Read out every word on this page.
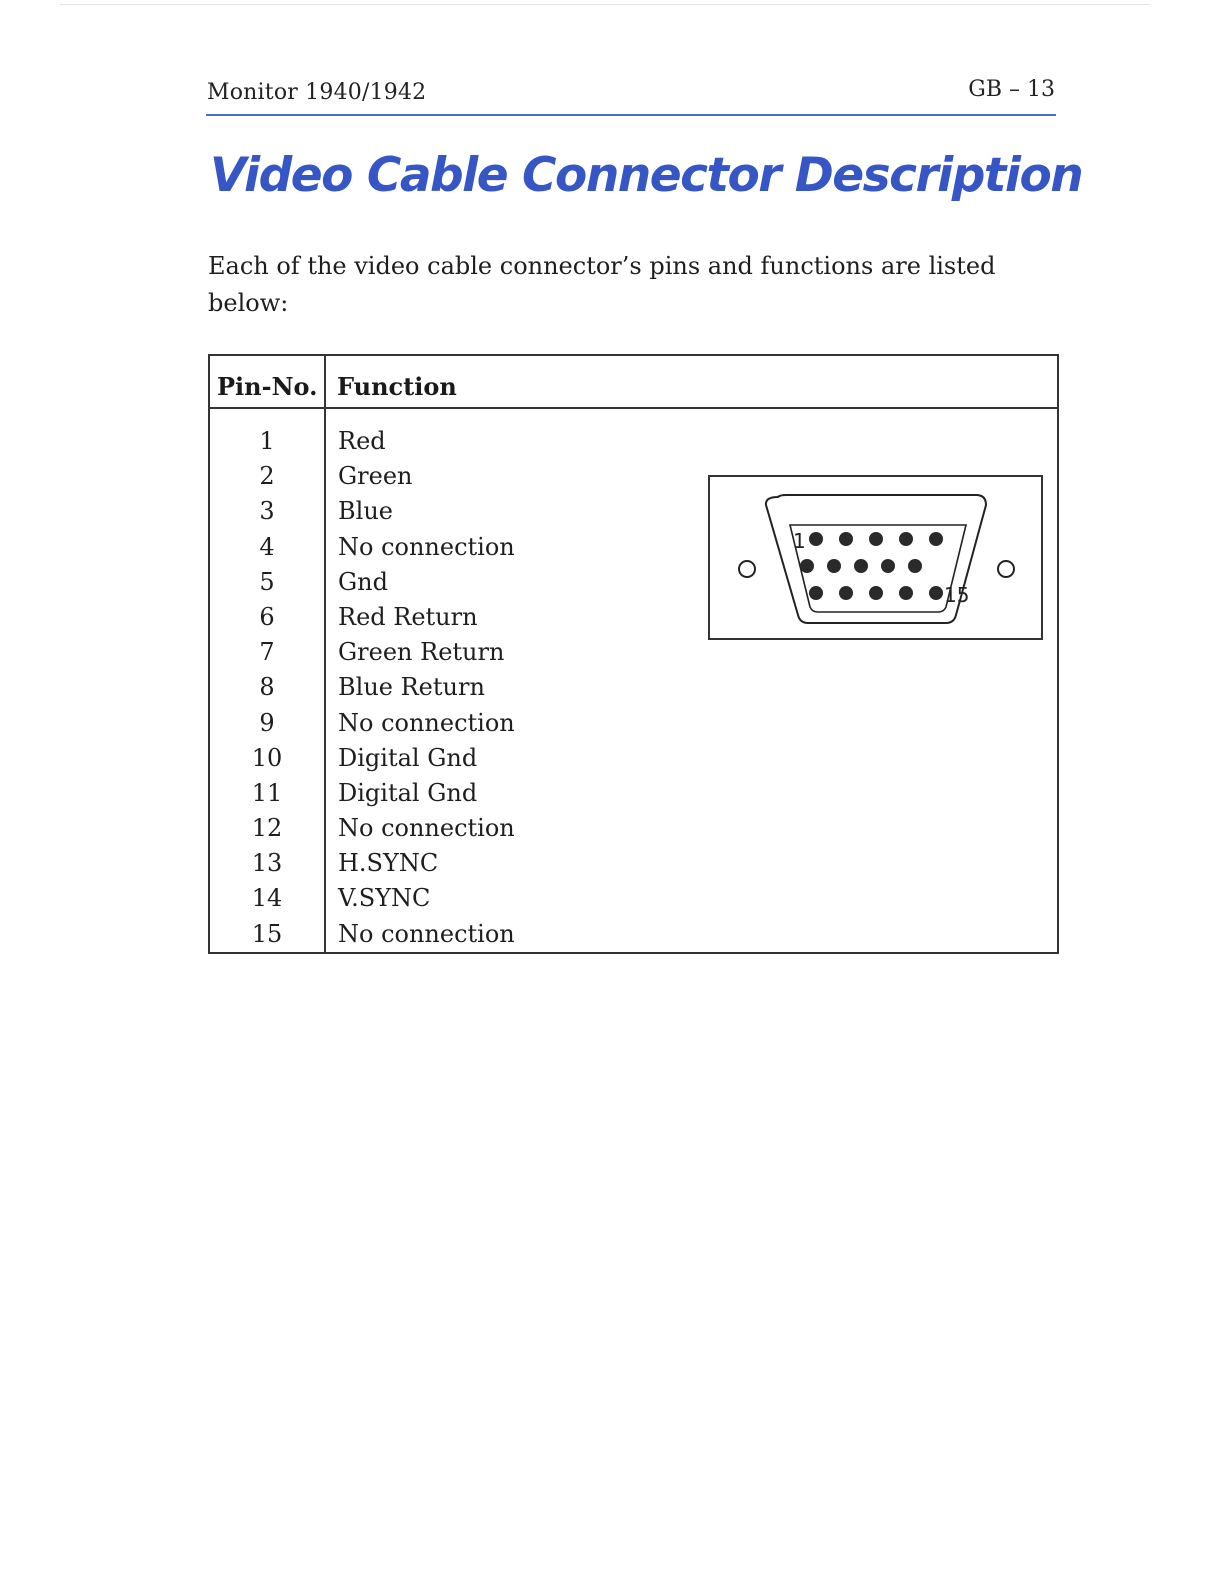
Monitor 1940/1942	GB – 13
Video Cable Connector Description
Each of the video cable connector’s pins and functions are listed below:
Pin-No. Function
1	Red
2	Green
3	Blue
4	No connection
5	Gnd
6	Red Return
7	Green Return
8	Blue Return
9	No connection
10	Digital Gnd
11	Digital Gnd
12	No connection
13	H.SYNC
14	V.SYNC
15	No connection
1
15
